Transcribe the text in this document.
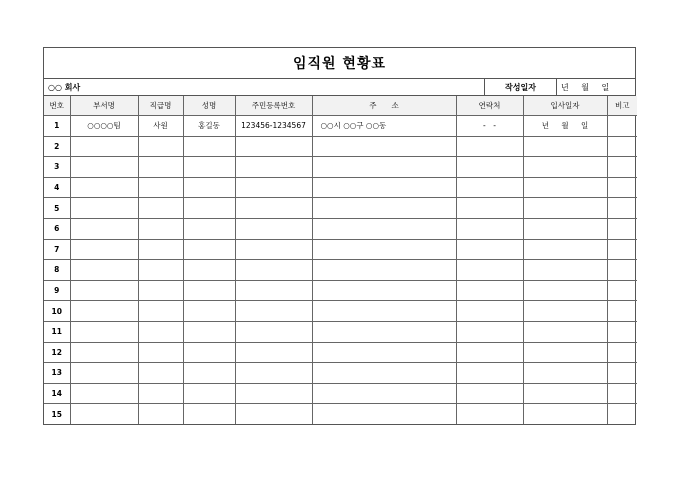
임직원 현황표
○○ 회사	작성일자	년 월 일
번호	부서명	직급명	성명	주민등록번호	주　　소	연락처	입사일자	비고
1	○○○○팀	사원	홍길동	123456-1234567	○○시 ○○구 ○○동	-　-	년 월 일	
2								
3								
4								
5								
6								
7								
8								
9								
10								
11								
12								
13								
14								
15								
